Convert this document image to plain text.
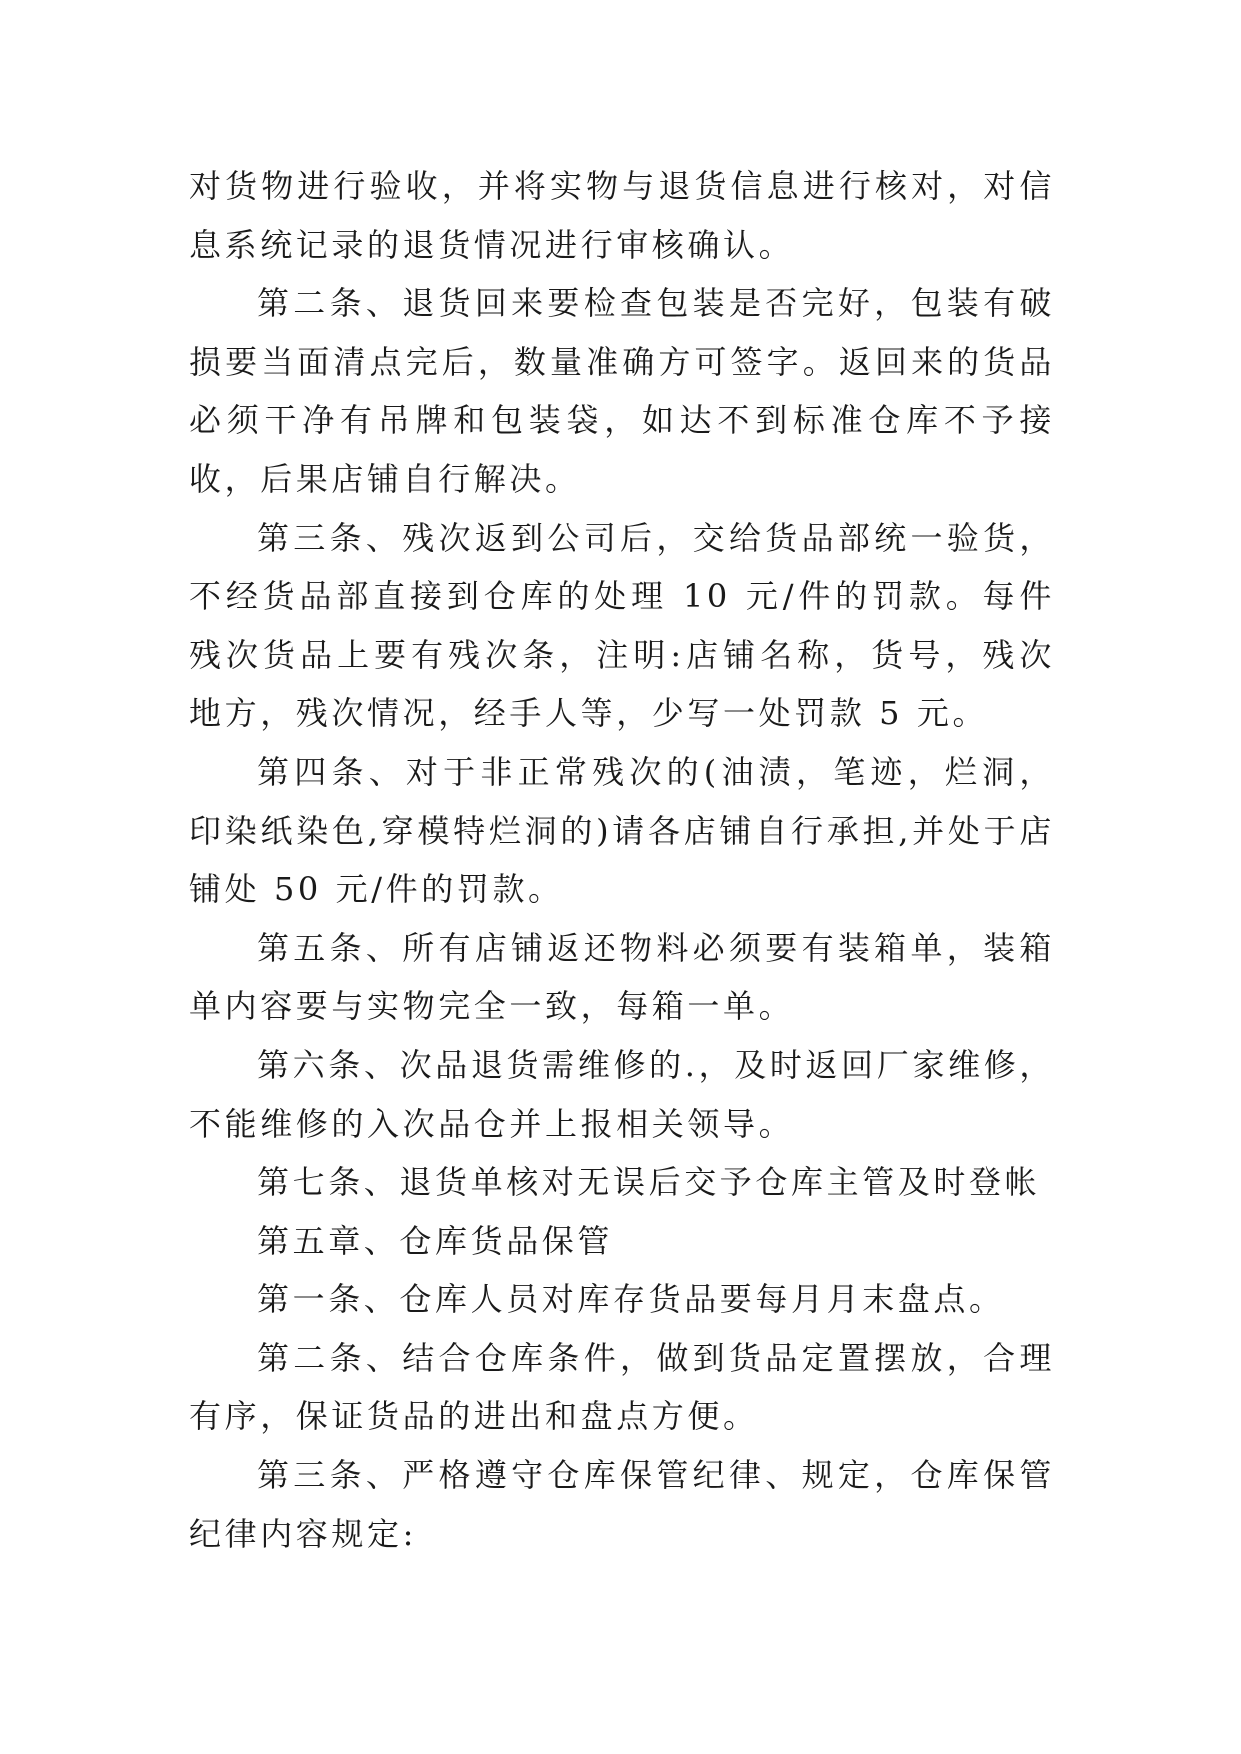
对货物进行验收，并将实物与退货信息进行核对，对信息系统记录的退货情况进行审核确认。

第二条、退货回来要检查包装是否完好，包装有破损要当面清点完后，数量准确方可签字。返回来的货品必须干净有吊牌和包装袋，如达不到标准仓库不予接收，后果店铺自行解决。

第三条、残次返到公司后，交给货品部统一验货，不经货品部直接到仓库的处理 10 元/件的罚款。每件残次货品上要有残次条，注明:店铺名称，货号，残次地方，残次情况，经手人等，少写一处罚款 5 元。

第四条、对于非正常残次的(油渍，笔迹，烂洞，印染纸染色,穿模特烂洞的)请各店铺自行承担,并处于店铺处 50 元/件的罚款。

第五条、所有店铺返还物料必须要有装箱单，装箱单内容要与实物完全一致，每箱一单。

第六条、次品退货需维修的.，及时返回厂家维修，不能维修的入次品仓并上报相关领导。

第七条、退货单核对无误后交予仓库主管及时登帐

第五章、仓库货品保管

第一条、仓库人员对库存货品要每月月末盘点。

第二条、结合仓库条件，做到货品定置摆放，合理有序，保证货品的进出和盘点方便。

第三条、严格遵守仓库保管纪律、规定，仓库保管纪律内容规定:
